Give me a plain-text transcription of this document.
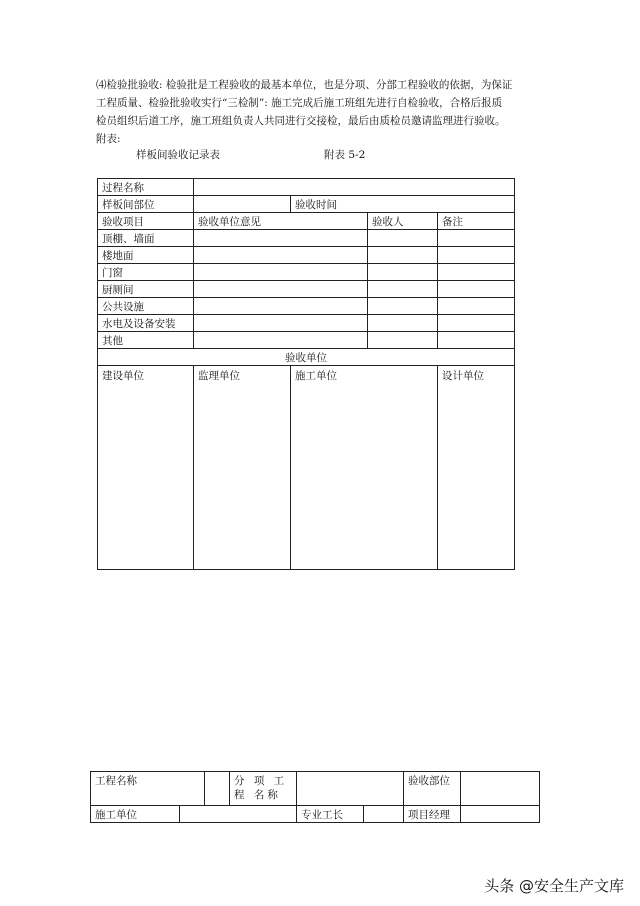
⑷检验批验收: 检验批是工程验收的最基本单位，也是分项、分部工程验收的依据，为保证
工程质量、检验批验收实行“三检制”: 施工完成后施工班组先进行自检验收，合格后报质
检员组织后道工序，施工班组负责人共同进行交接检，最后由质检员邀请监理进行验收。
附表:
样板间验收记录表	附表 5-2
过程名称				
样板间部位		验收时间		
验收项目	验收单位意见		验收人	备注
顶棚、墙面				
楼地面				
门窗				
厨厕间				
公共设施				
水电及设备安装				
其他				
验收单位				
建设单位	监理单位	施工单位		设计单位
工程名称			分 项 工 程 名称			验收部位	
施工单位				专业工长		项目经理	
头条 @安全生产文库
